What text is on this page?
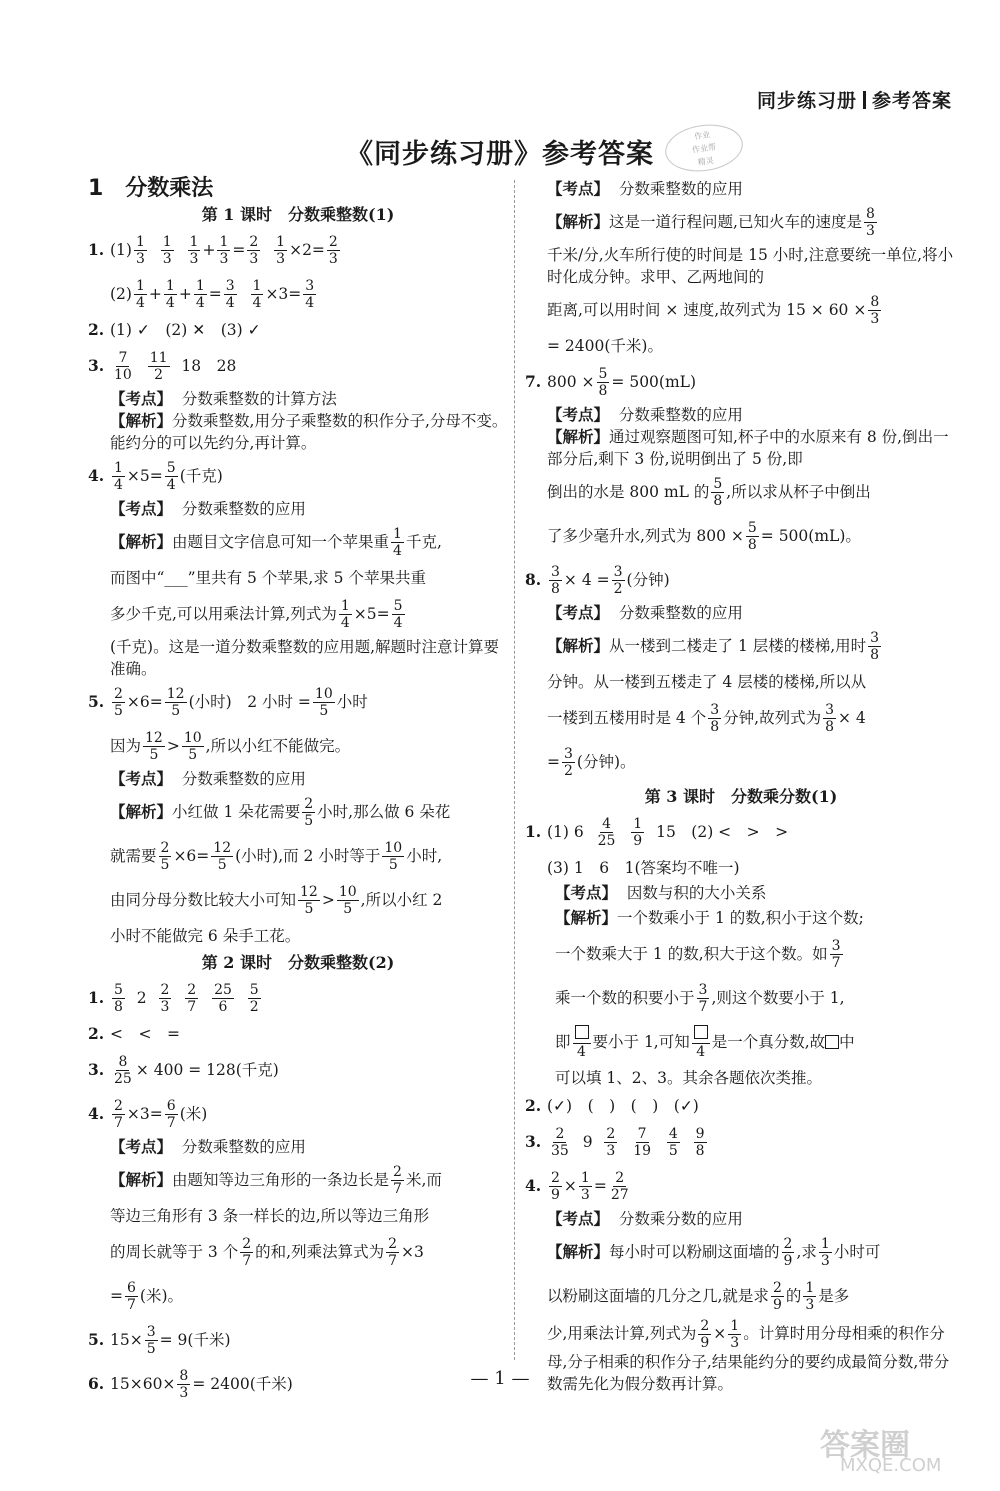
同步练习册 参考答案
《同步练习册》参考答案
作业
作业帮
精灵
1　分数乘法
第 1 课时　分数乘整数(1)
1. (1) 1
3

1
3

1
3 + 1
3 = 2
3

1
3 ×2= 2
3
(2) 1
4 + 1
4 + 1
4 = 3
4

1
4 ×3= 3
4
2. (1) ✓　(2) ✕　(3) ✓
3.	7
10

11
2
18　28
【考点】 分数乘整数的计算方法
【解析】分数乘整数,用分子乘整数的积作分子,分母不变。能约分的可以先约分,再计算。
4. 1
4 ×5= 5
4 (千克)
【考点】 分数乘整数的应用
【解析】 由题目文字信息可知一个苹果重 1
4 千克,
而图中“___”里共有 5 个苹果,求 5 个苹果共重
多少千克,可以用乘法计算,列式为 1
4 ×5= 5
4
(千克)。这是一道分数乘整数的应用题,解题时注意计算要准确。
5. 2
5 ×6= 12
5 (小时)　2 小时 = $\frac{10}{5}$ 小时
因为 12
5 > 10
5 ,所以小红不能做完。
【考点】 分数乘整数的应用
【解析】 小红做 1 朵花需要 2
5 小时,那么做 6 朵花
就需要 2
5 ×6= 12
5 (小时),而 2 小时等于 10
5 小时,
由同分母分数比较大小可知 12
5 > 10
5 ,所以小红 2
小时不能做完 6 朵手工花。
第 2 课时　分数乘整数(2)
1. 5
8
2
2
3

2
7

25
6

5
2
2. <　<　=
3. $\frac{8}{25} \times 400 = 128$(千克)
4. 2
7 ×3= 6
7 (米)
【考点】 分数乘整数的应用
【解析】 由题知等边三角形的一条边长是 2
7 米,而
等边三角形有 3 条一样长的边,所以等边三角形
的周长就等于 3 个 2
7 的和,列乘法算式为 2
7 ×3
= 6
7 (米)。
5. $15\times \frac{3}{5} = 9$(千米)
6. $15\times 60\times \frac{8}{3} = 2400$(千米)
【考点】 分数乘整数的应用
【解析】 这是一道行程问题,已知火车的速度是 8
3
千米/分,火车所行使的时间是 15 小时,注意要统一单位,将小时化成分钟。求甲、乙两地间的
距离,可以用时间 × 速度,故列式为 $15 \times 60 \times \frac{8}{3}$
= 2400(千米)。
7. $800 \times \frac{5}{8} = 500(mL)$
【考点】 分数乘整数的应用
【解析】通过观察题图可知,杯子中的水原来有 8 份,倒出一部分后,剩下 3 份,说明倒出了 5 份,即
倒出的水是 800 mL 的 5
8 ,所以求从杯子中倒出
了多少毫升水,列式为 $800 \times \frac{5}{8} = 500(mL)$。
8. $\frac{3}{8} \times 4 = \frac{3}{2}$ (分钟)
【考点】 分数乘整数的应用
【解析】 从一楼到二楼走了 1 层楼的楼梯,用时 3
8
分钟。从一楼到五楼走了 4 层楼的楼梯,所以从
一楼到五楼用时是 4 个 3
8 分钟,故列式为 $\frac{3}{8} \times 4$
= 3
2 (分钟)。
第 3 课时　分数乘分数(1)
1. (1) 6
4
25

1
9
15　(2) <　>　>
(3) 1　6　1(答案均不唯一)
【考点】 因数与积的大小关系
【解析】 一个数乘小于 1 的数,积小于这个数;
一个数乘大于 1 的数,积大于这个数。如 3
7
乘一个数的积要小于 3
7 ,则这个数要小于 1,
即
4
要小于 1,可知
4
是一个真分数,故 中
可以填 1、2、3。其余各题依次类推。
2. (✓)　(　)　(　)　(✓)
3.	2
35
9
2
3

7
19

4
5

9
8
4. $\frac{2}{9} \times \frac{1}{3} = 2$
27
【考点】 分数乘分数的应用
【解析】 每小时可以粉刷这面墙的 2
9 ,求 1
3 小时可
以粉刷这面墙的几分之几,就是求 2
9 的 1
3 是多
少,用乘法计算,列式为 $\frac{2}{9} \times \frac{1}{3}$ 。计算时用分母相乘的积作分母,分子相乘的积作分子,结果能约分的要约成最简分数,带分数需先化为假分数再计算。
— 1 —
答案圈
MXQE.COM
